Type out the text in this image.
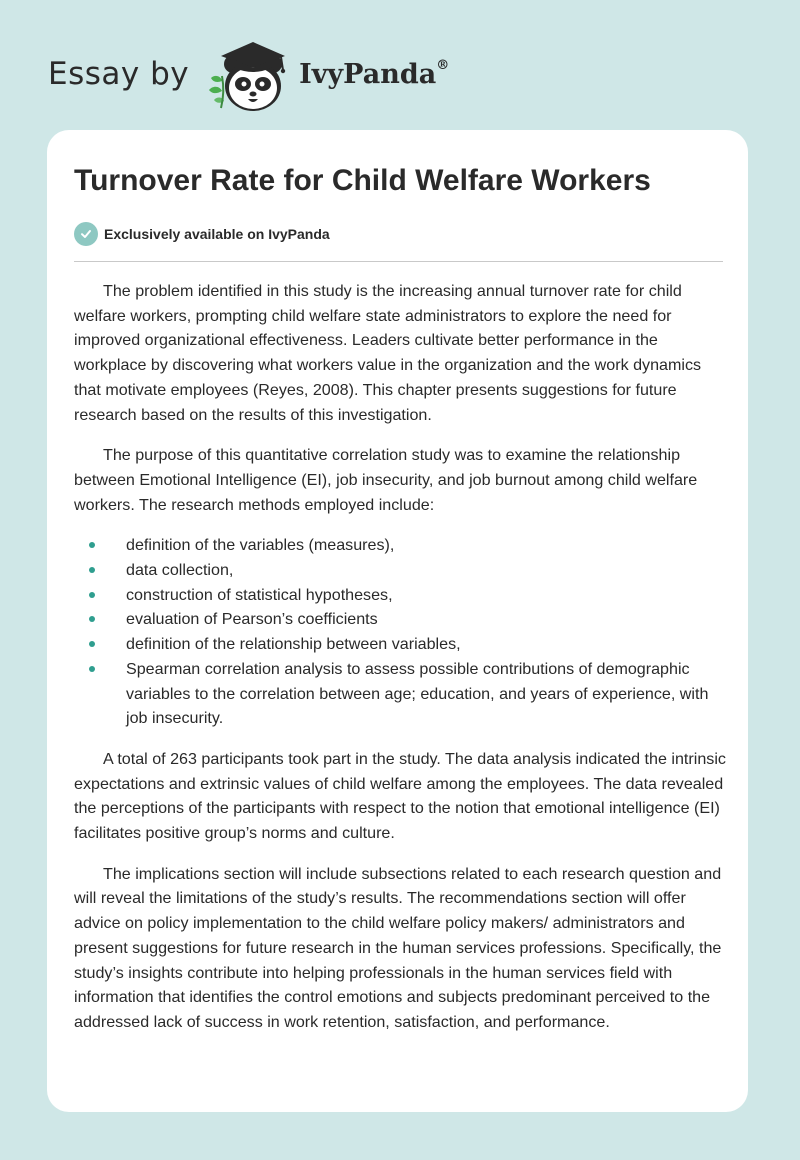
Essay by	IvyPanda®
Turnover Rate for Child Welfare Workers
Exclusively available on IvyPanda

The problem identified in this study is the increasing annual turnover rate for child welfare workers, prompting child welfare state administrators to explore the need for improved organizational effectiveness. Leaders cultivate better performance in the workplace by discovering what workers value in the organization and the work dynamics that motivate employees (Reyes, 2008). This chapter presents suggestions for future research based on the results of this investigation.

The purpose of this quantitative correlation study was to examine the relationship between Emotional Intelligence (EI), job insecurity, and job burnout among child welfare workers. The research methods employed include:

definition of the variables (measures),
data collection,
construction of statistical hypotheses,
evaluation of Pearson’s coefficients
definition of the relationship between variables,
Spearman correlation analysis to assess possible contributions of demographic variables to the correlation between age; education, and years of experience, with job insecurity.

A total of 263 participants took part in the study. The data analysis indicated the intrinsic expectations and extrinsic values of child welfare among the employees. The data revealed the perceptions of the participants with respect to the notion that emotional intelligence (EI) facilitates positive group’s norms and culture.

The implications section will include subsections related to each research question and will reveal the limitations of the study’s results. The recommendations section will offer advice on policy implementation to the child welfare policy makers/ administrators and present suggestions for future research in the human services professions. Specifically, the study’s insights contribute into helping professionals in the human services field with information that identifies the control emotions and subjects predominant perceived to the addressed lack of success in work retention, satisfaction, and performance.
